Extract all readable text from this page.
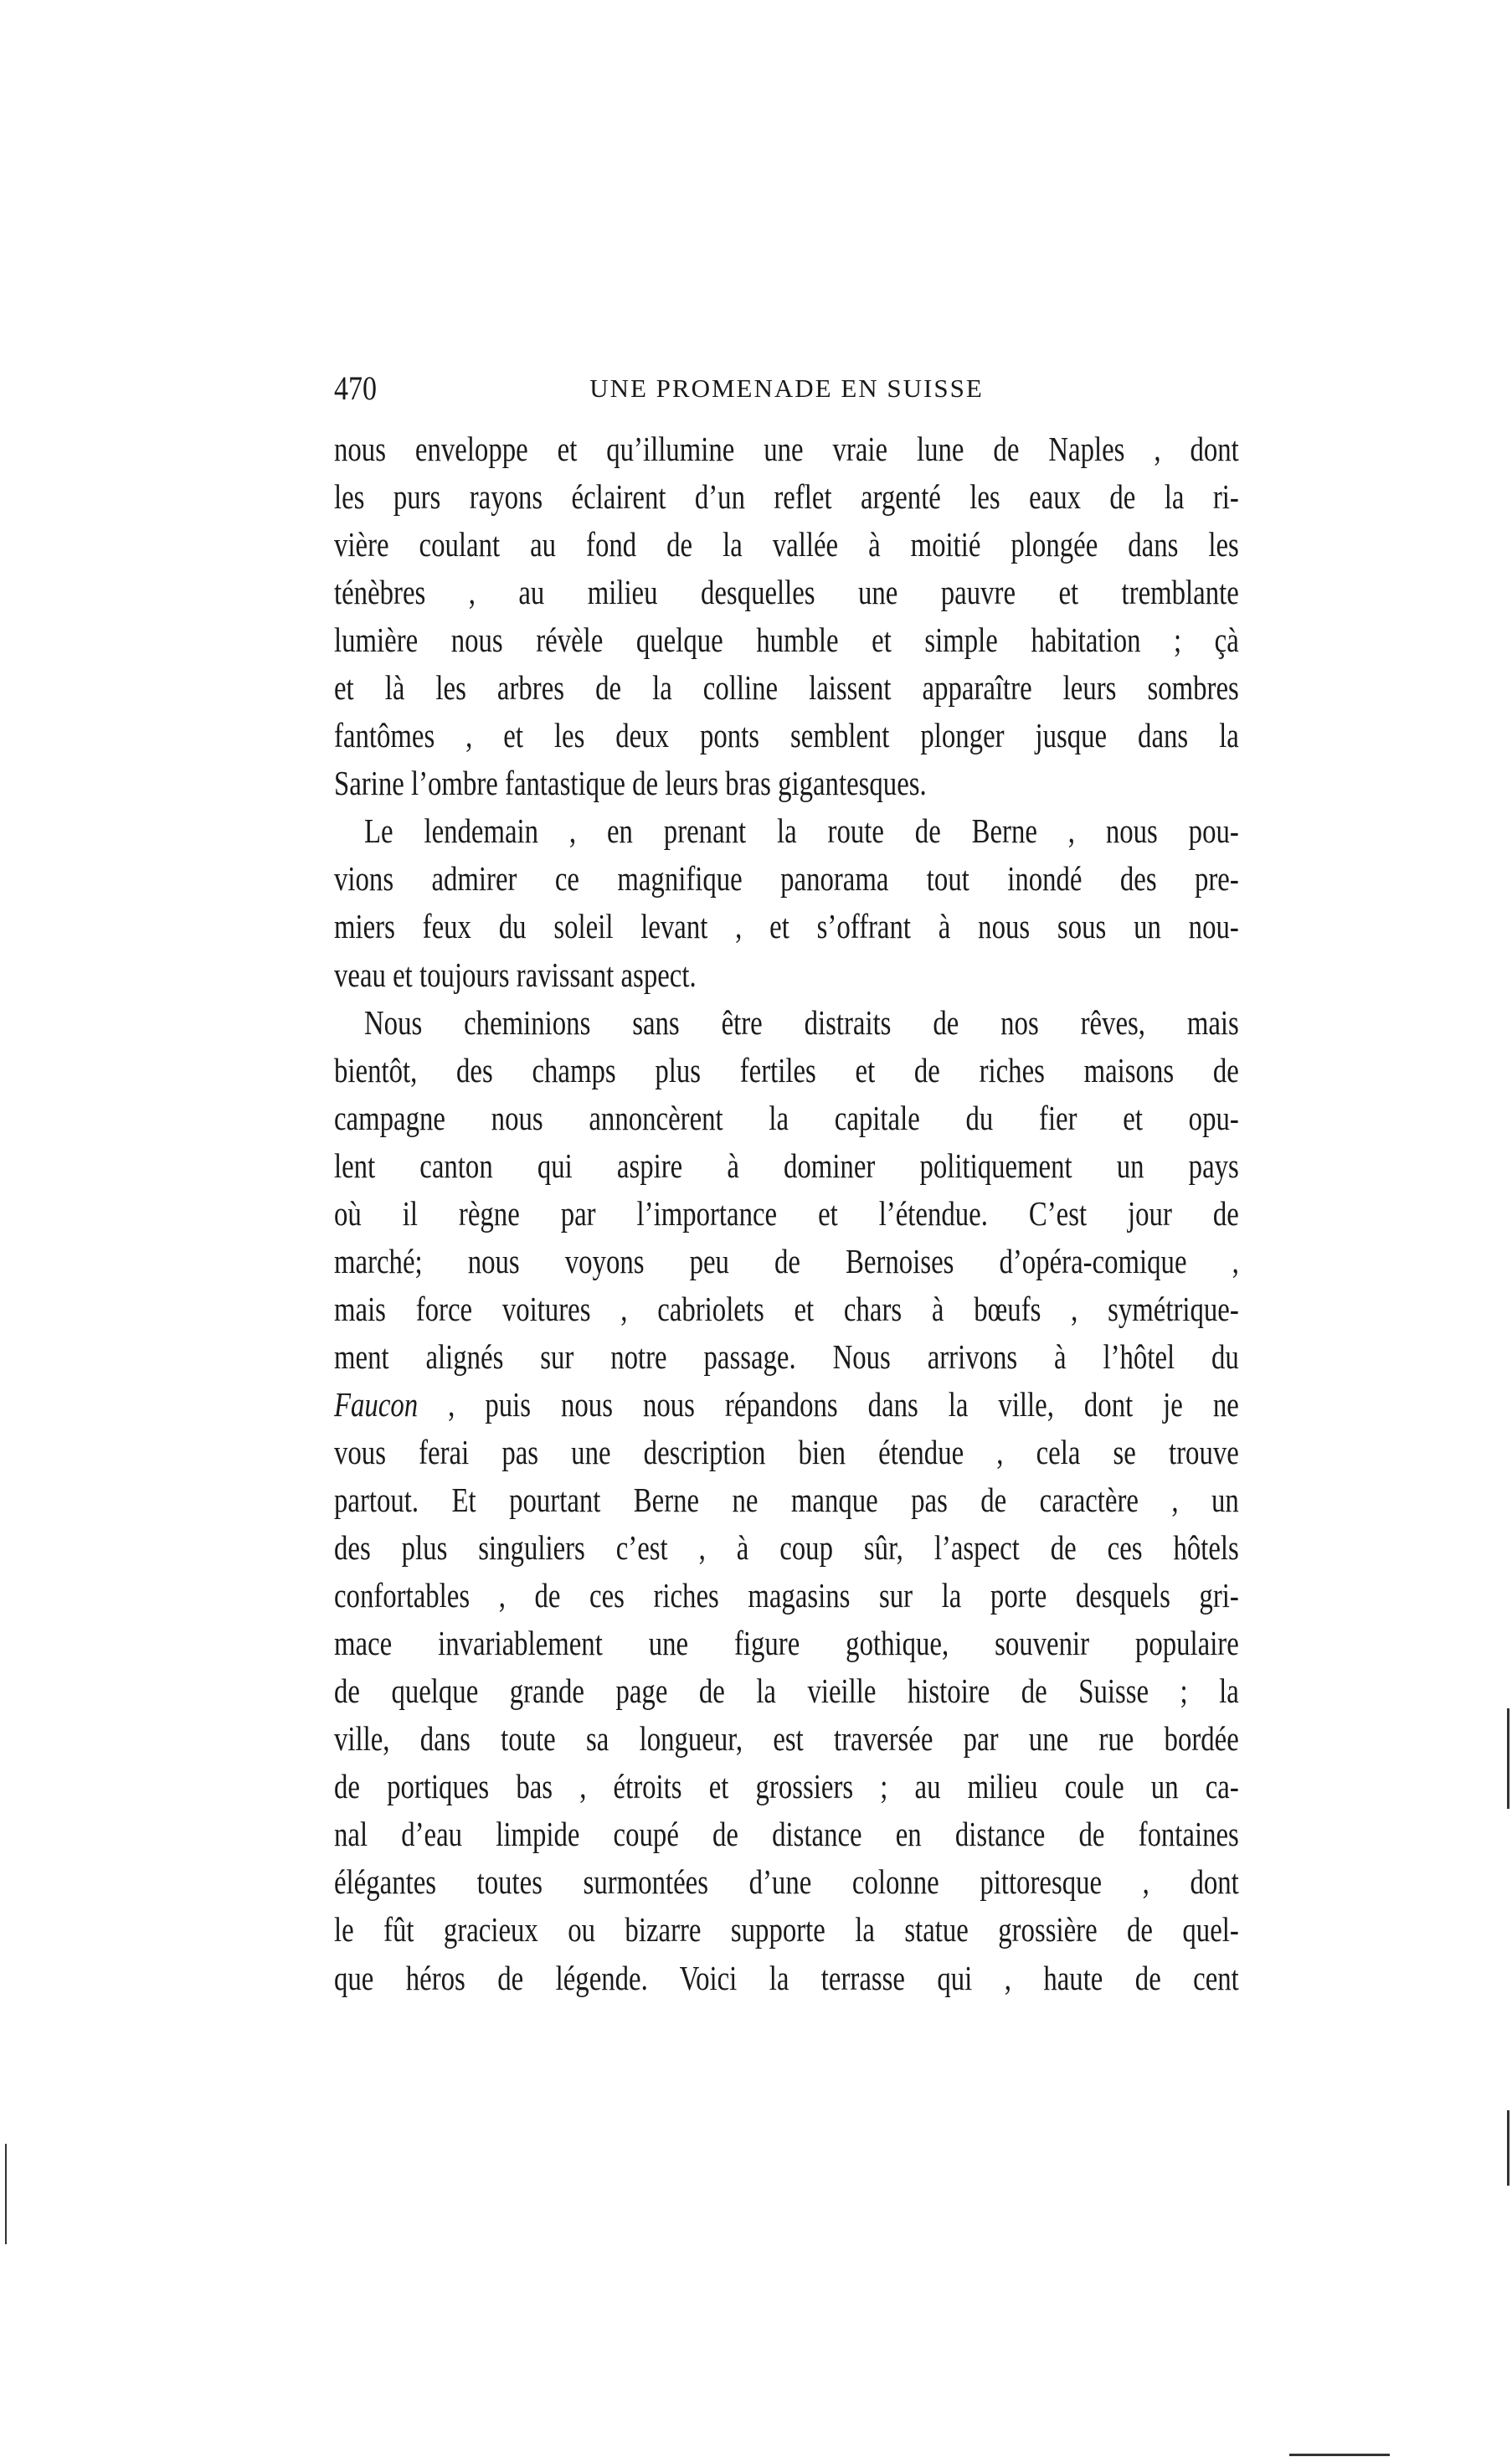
470	UNE PROMENADE EN SUISSE
nous enveloppe et qu’illumine une vraie lune de Naples , dont
les purs rayons éclairent d’un reflet argenté les eaux de la ri-
vière coulant au fond de la vallée à moitié plongée dans les
ténèbres , au milieu desquelles une pauvre et tremblante
lumière nous révèle quelque humble et simple habitation ; çà
et là les arbres de la colline laissent apparaître leurs sombres
fantômes , et les deux ponts semblent plonger jusque dans la
Sarine l’ombre fantastique de leurs bras gigantesques.
Le lendemain , en prenant la route de Berne , nous pou-
vions admirer ce magnifique panorama tout inondé des pre-
miers feux du soleil levant , et s’offrant à nous sous un nou-
veau et toujours ravissant aspect.
Nous cheminions sans être distraits de nos rêves, mais
bientôt, des champs plus fertiles et de riches maisons de
campagne nous annoncèrent la capitale du fier et opu-
lent canton qui aspire à dominer politiquement un pays
où il règne par l’importance et l’étendue. C’est jour de
marché; nous voyons peu de Bernoises d’opéra-comique ,
mais force voitures , cabriolets et chars à bœufs , symétrique-
ment alignés sur notre passage. Nous arrivons à l’hôtel du
Faucon , puis nous nous répandons dans la ville, dont je ne
vous ferai pas une description bien étendue , cela se trouve
partout. Et pourtant Berne ne manque pas de caractère , un
des plus singuliers c’est , à coup sûr, l’aspect de ces hôtels
confortables , de ces riches magasins sur la porte desquels gri-
mace invariablement une figure gothique, souvenir populaire
de quelque grande page de la vieille histoire de Suisse ; la
ville, dans toute sa longueur, est traversée par une rue bordée
de portiques bas , étroits et grossiers ; au milieu coule un ca-
nal d’eau limpide coupé de distance en distance de fontaines
élégantes toutes surmontées d’une colonne pittoresque , dont
le fût gracieux ou bizarre supporte la statue grossière de quel-
que héros de légende. Voici la terrasse qui , haute de cent
